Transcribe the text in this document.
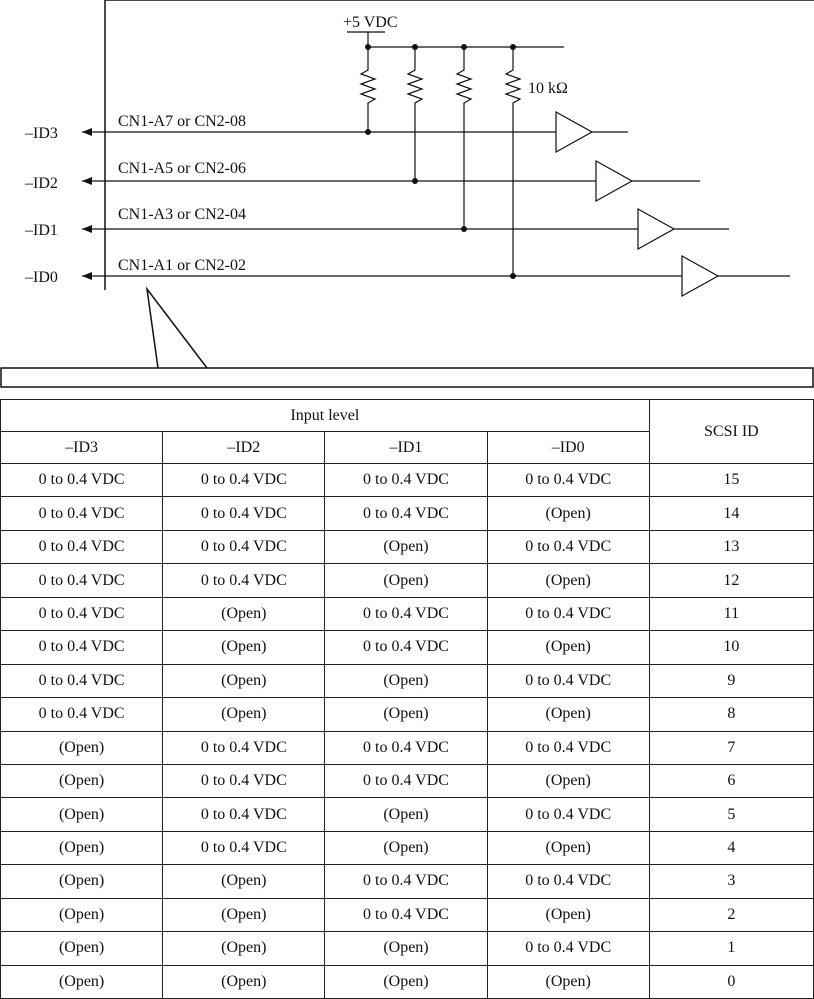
+5 VDC
10 kΩ
–ID3
CN1-A7 or CN2-08
–ID2
CN1-A5 or CN2-06
–ID1
CN1-A3 or CN2-04
–ID0
CN1-A1 or CN2-02
Input level				SCSI ID
–ID3	–ID2	–ID1	–ID0	
0 to 0.4 VDC	0 to 0.4 VDC	0 to 0.4 VDC	0 to 0.4 VDC	15
0 to 0.4 VDC	0 to 0.4 VDC	0 to 0.4 VDC	(Open)	14
0 to 0.4 VDC	0 to 0.4 VDC	(Open)	0 to 0.4 VDC	13
0 to 0.4 VDC	0 to 0.4 VDC	(Open)	(Open)	12
0 to 0.4 VDC	(Open)	0 to 0.4 VDC	0 to 0.4 VDC	11
0 to 0.4 VDC	(Open)	0 to 0.4 VDC	(Open)	10
0 to 0.4 VDC	(Open)	(Open)	0 to 0.4 VDC	9
0 to 0.4 VDC	(Open)	(Open)	(Open)	8
(Open)	0 to 0.4 VDC	0 to 0.4 VDC	0 to 0.4 VDC	7
(Open)	0 to 0.4 VDC	0 to 0.4 VDC	(Open)	6
(Open)	0 to 0.4 VDC	(Open)	0 to 0.4 VDC	5
(Open)	0 to 0.4 VDC	(Open)	(Open)	4
(Open)	(Open)	0 to 0.4 VDC	0 to 0.4 VDC	3
(Open)	(Open)	0 to 0.4 VDC	(Open)	2
(Open)	(Open)	(Open)	0 to 0.4 VDC	1
(Open)	(Open)	(Open)	(Open)	0
